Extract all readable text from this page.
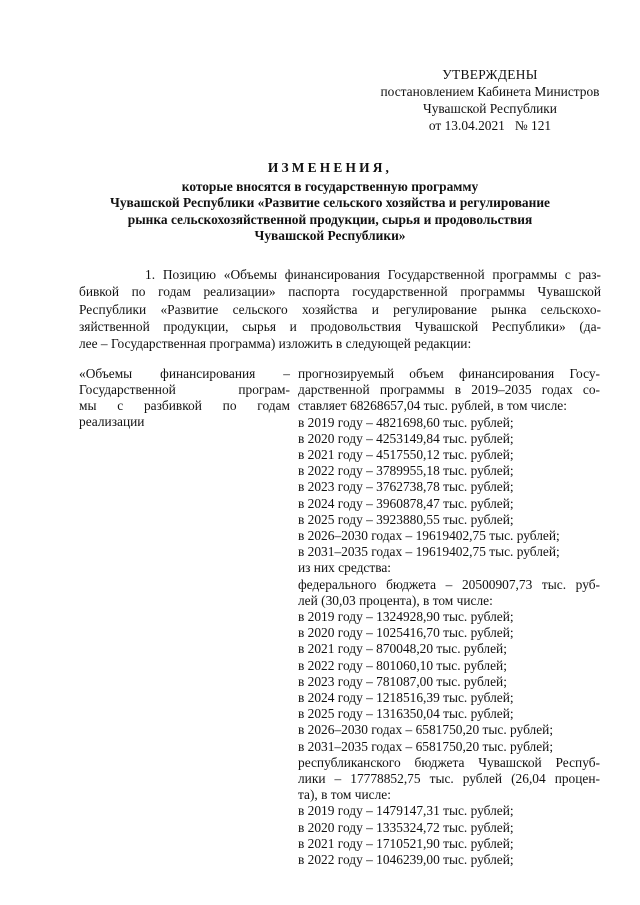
УТВЕРЖДЕНЫ
постановлением Кабинета Министров
Чувашской Республики
от 13.04.2021   № 121
ИЗМЕНЕНИЯ,
которые вносятся в государственную программу
Чувашской Республики «Развитие сельского хозяйства и регулирование
рынка сельскохозяйственной продукции, сырья и продовольствия
Чувашской Республики»
1. Позицию «Объемы финансирования Государственной программы с раз-
бивкой по годам реализации» паспорта государственной программы Чувашской
Республики «Развитие сельского хозяйства и регулирование рынка сельскохо-
зяйственной продукции, сырья и продовольствия Чувашской Республики» (да-
лее – Государственная программа) изложить в следующей редакции:
«Объемы финансирования –
Государственной програм-
мы с разбивкой по годам
реализации
прогнозируемый объем финансирования Госу-
дарственной программы в 2019–2035 годах со-
ставляет 68268657,04 тыс. рублей, в том числе:
в 2019 году – 4821698,60 тыс. рублей;
в 2020 году – 4253149,84 тыс. рублей;
в 2021 году – 4517550,12 тыс. рублей;
в 2022 году – 3789955,18 тыс. рублей;
в 2023 году – 3762738,78 тыс. рублей;
в 2024 году – 3960878,47 тыс. рублей;
в 2025 году – 3923880,55 тыс. рублей;
в 2026–2030 годах – 19619402,75 тыс. рублей;
в 2031–2035 годах – 19619402,75 тыс. рублей;
из них средства:
федерального бюджета – 20500907,73 тыс. руб-
лей (30,03 процента), в том числе:
в 2019 году – 1324928,90 тыс. рублей;
в 2020 году – 1025416,70 тыс. рублей;
в 2021 году – 870048,20 тыс. рублей;
в 2022 году – 801060,10 тыс. рублей;
в 2023 году – 781087,00 тыс. рублей;
в 2024 году – 1218516,39 тыс. рублей;
в 2025 году – 1316350,04 тыс. рублей;
в 2026–2030 годах – 6581750,20 тыс. рублей;
в 2031–2035 годах – 6581750,20 тыс. рублей;
республиканского бюджета Чувашской Респуб-
лики – 17778852,75 тыс. рублей (26,04 процен-
та), в том числе:
в 2019 году – 1479147,31 тыс. рублей;
в 2020 году – 1335324,72 тыс. рублей;
в 2021 году – 1710521,90 тыс. рублей;
в 2022 году – 1046239,00 тыс. рублей;
